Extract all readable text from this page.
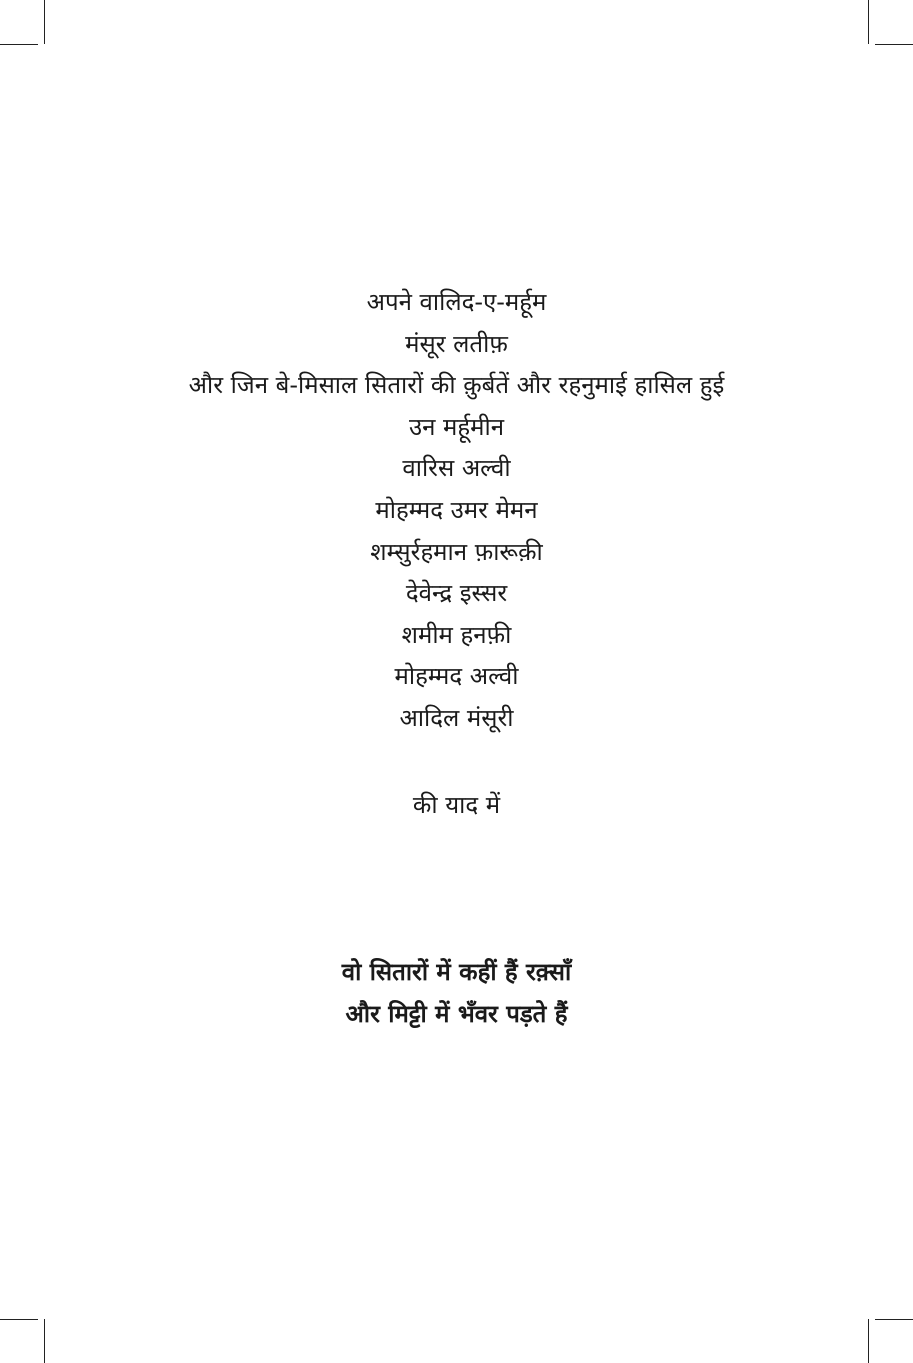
अपने वालिद-ए-मर्हूम
मंसूर लतीफ़
और जिन बे-मिसाल सितारों की क़ुर्बतें और रहनुमाई हासिल हुई
उन मर्हूमीन
वारिस अल्वी
मोहम्मद उमर मेमन
शम्सुर्रहमान फ़ारूक़ी
देवेन्द्र इस्सर
शमीम हनफ़ी
मोहम्मद अल्वी
आदिल मंसूरी
की याद में
वो सितारों में कहीं हैं रक़्साँ
और मिट्टी में भँवर पड़ते हैं
